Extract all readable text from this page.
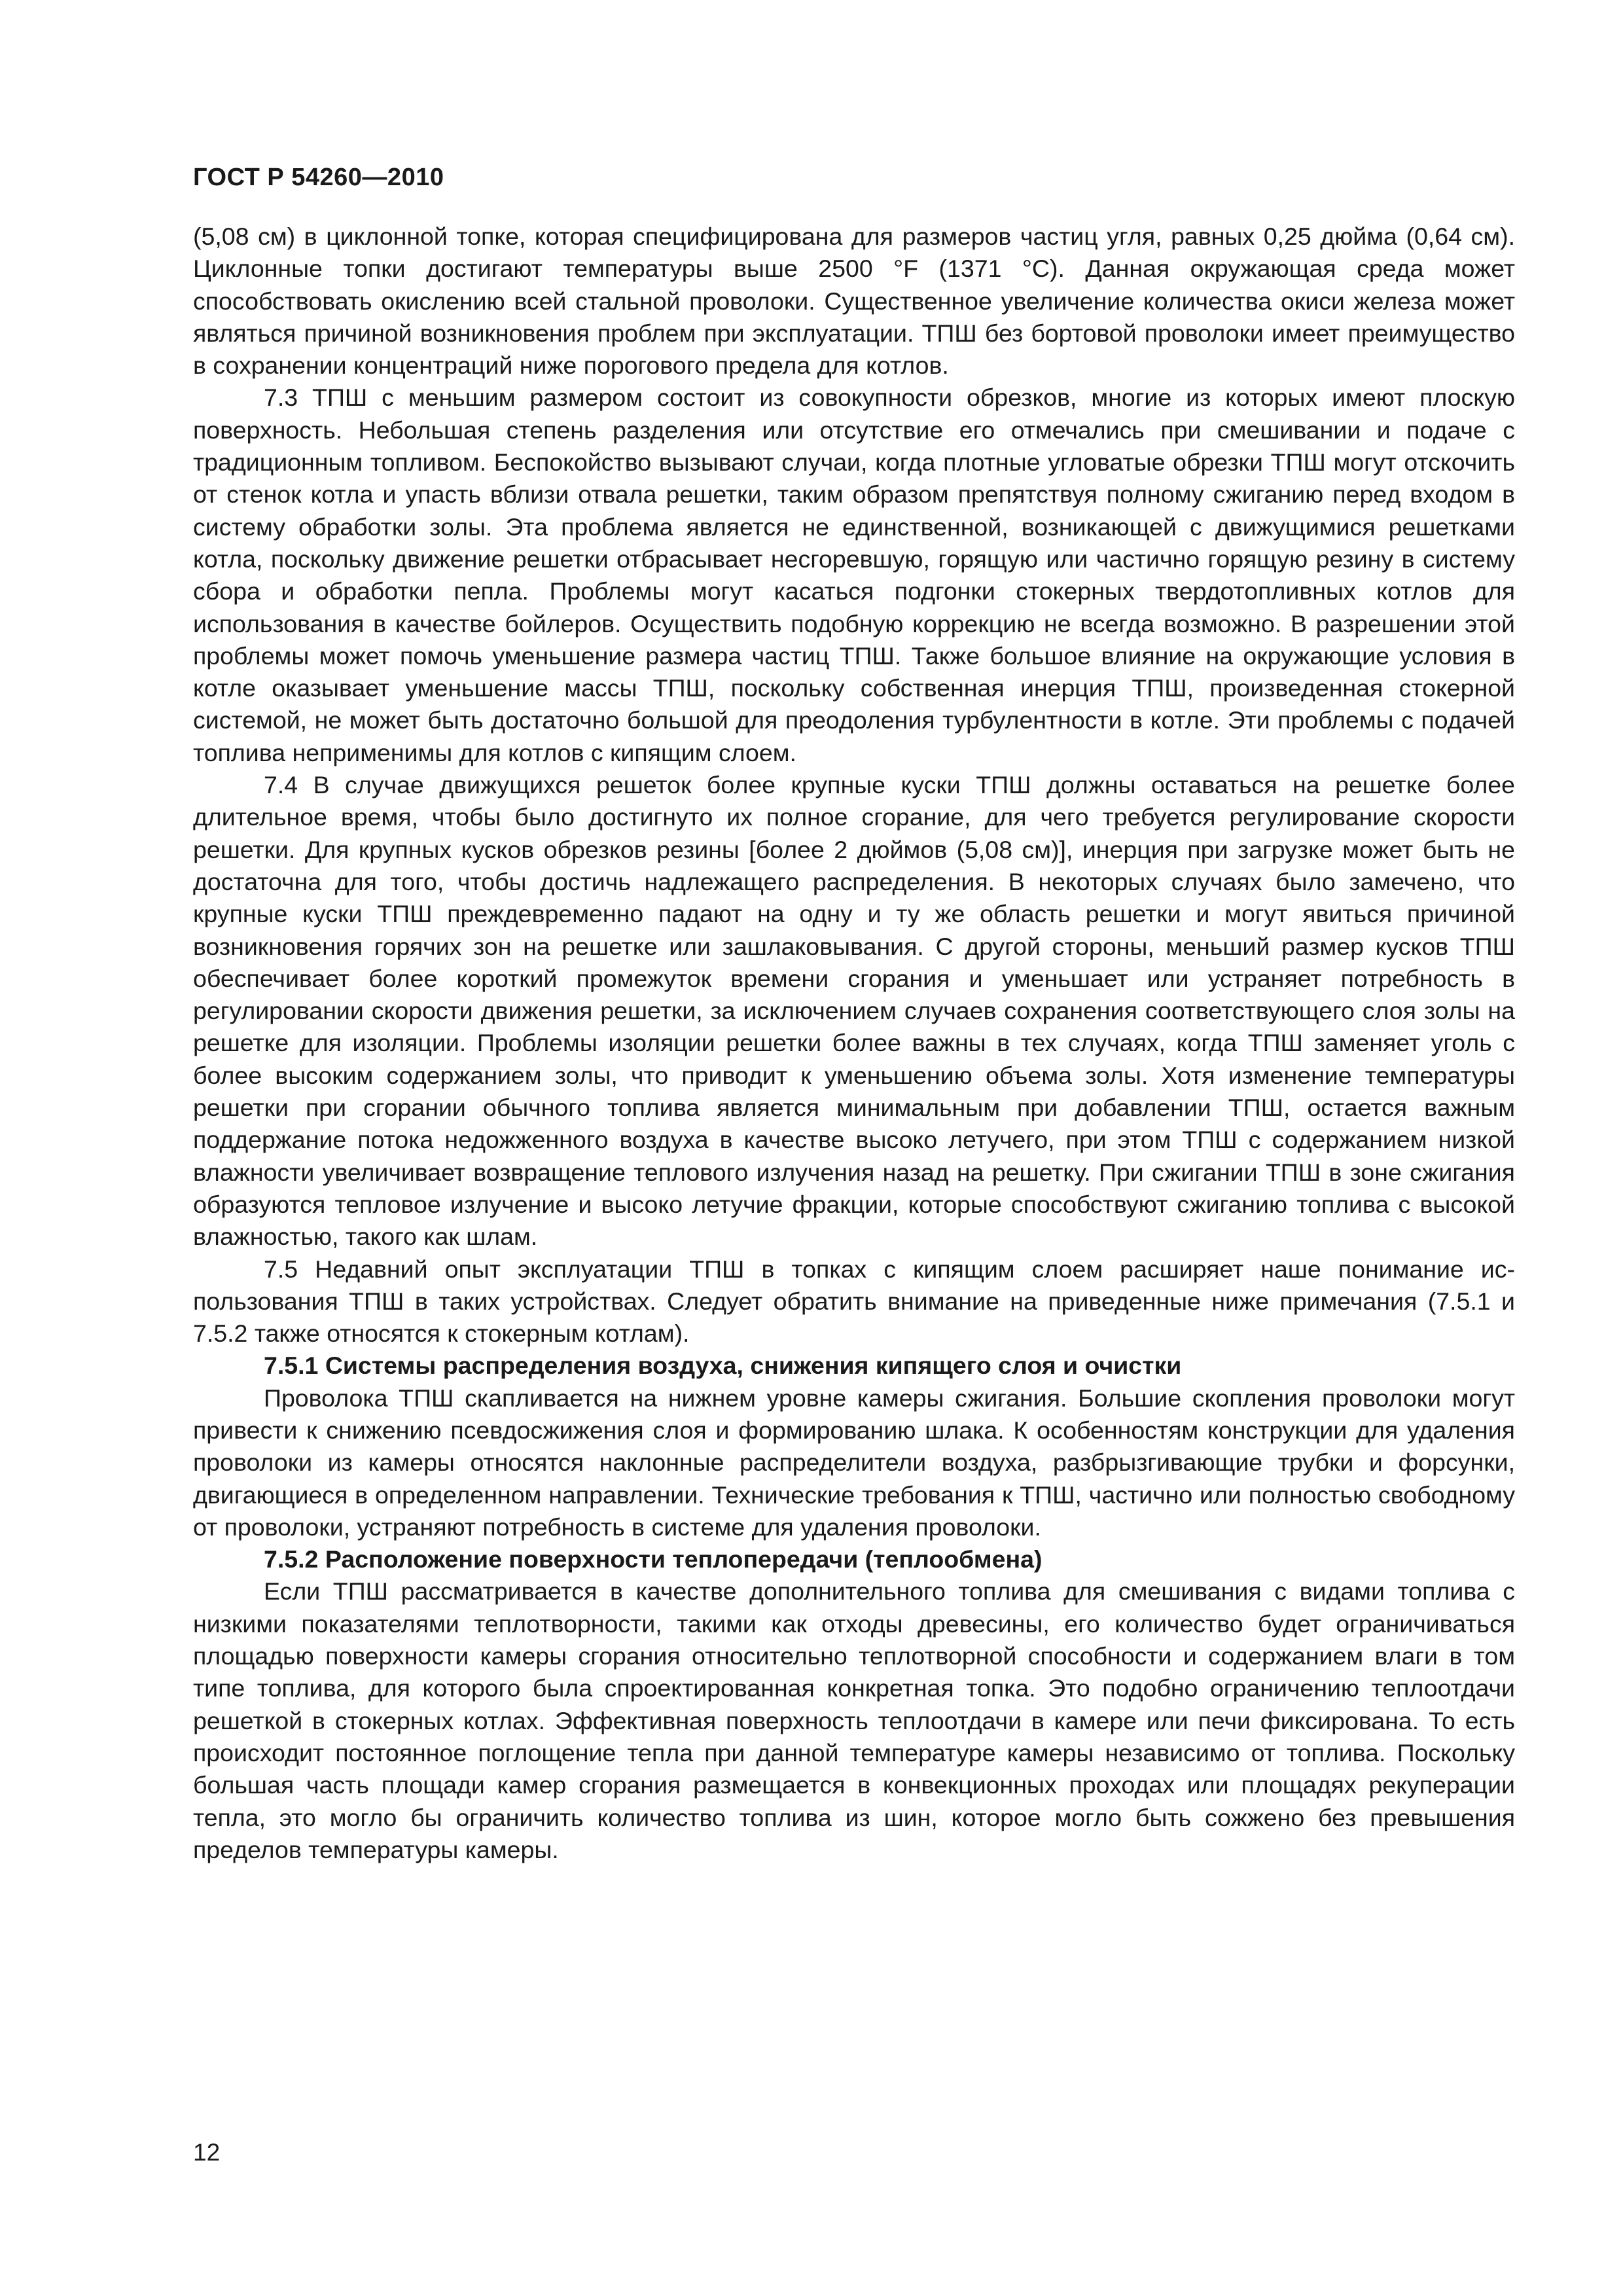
ГОСТ Р 54260—2010

(5,08 см) в циклонной топке, которая специфицирована для размеров частиц угля, равных 0,25 дюйма (0,64 см). Циклонные топки достигают температуры выше 2500 °F (1371 °С). Данная окружающая среда может способствовать окислению всей стальной проволоки. Существенное увеличение количества окиси железа может являться причиной возникновения проблем при эксплуатации. ТПШ без бортовой проволоки имеет преимущество в сохранении концентраций ниже порогового предела для котлов.

7.3 ТПШ с меньшим размером состоит из совокупности обрезков, многие из которых имеют плоскую поверхность. Небольшая степень разделения или отсутствие его отмечались при смешивании и подаче с традиционным топливом. Беспокойство вызывают случаи, когда плотные угловатые обрезки ТПШ могут отскочить от стенок котла и упасть вблизи отвала решетки, таким образом препятствуя полному сжиганию перед входом в систему обработки золы. Эта проблема является не единственной, возникающей с движущимися решетками котла, поскольку движение решетки отбрасывает несгоревшую, горящую или частично горящую резину в систему сбора и обработки пепла. Проблемы могут касаться подгонки стокерных твердотопливных котлов для использования в качестве бойлеров. Осуществить подобную коррекцию не всегда возможно. В разрешении этой проблемы может помочь уменьшение размера частиц ТПШ. Также большое влияние на окружающие условия в котле оказывает уменьшение массы ТПШ, поскольку собственная инерция ТПШ, произведенная стокерной системой, не может быть достаточно большой для преодоления турбулентности в котле. Эти проблемы с подачей топлива неприменимы для котлов с кипящим слоем.

7.4 В случае движущихся решеток более крупные куски ТПШ должны оставаться на решетке более длительное время, чтобы было достигнуто их полное сгорание, для чего требуется регулирование скорости решетки. Для крупных кусков обрезков резины [более 2 дюймов (5,08 см)], инерция при загрузке может быть не достаточна для того, чтобы достичь надлежащего распределения. В некоторых случаях было замечено, что крупные куски ТПШ преждевременно падают на одну и ту же область решетки и могут явиться причиной возникновения горячих зон на решетке или зашлаковывания. С другой стороны, меньший размер кусков ТПШ обеспечивает более короткий промежуток времени сгорания и уменьшает или устраняет потребность в регулировании скорости движения решетки, за исключением случаев сохранения соответствующего слоя золы на решетке для изоляции. Проблемы изоляции решетки более важны в тех случаях, когда ТПШ заменяет уголь с более высоким содержанием золы, что приводит к уменьшению объема золы. Хотя изменение температуры решетки при сгорании обычного топлива является минимальным при добавлении ТПШ, остается важным поддержание потока недожженного воздуха в качестве высоко летучего, при этом ТПШ с содержанием низкой влажности увеличивает возвращение теплового излучения назад на решетку. При сжигании ТПШ в зоне сжигания образуются тепловое излучение и высоко летучие фракции, которые способствуют сжиганию топлива с высокой влажностью, такого как шлам.

7.5 Недавний опыт эксплуатации ТПШ в топках с кипящим слоем расширяет наше понимание использования ТПШ в таких устройствах. Следует обратить внимание на приведенные ниже примечания (7.5.1 и 7.5.2 также относятся к стокерным котлам).

7.5.1 Системы распределения воздуха, снижения кипящего слоя и очистки

Проволока ТПШ скапливается на нижнем уровне камеры сжигания. Большие скопления проволоки могут привести к снижению псевдосжижения слоя и формированию шлака. К особенностям конструкции для удаления проволоки из камеры относятся наклонные распределители воздуха, разбрызгивающие трубки и форсунки, двигающиеся в определенном направлении. Технические требования к ТПШ, частично или полностью свободному от проволоки, устраняют потребность в системе для удаления проволоки.

7.5.2 Расположение поверхности теплопередачи (теплообмена)

Если ТПШ рассматривается в качестве дополнительного топлива для смешивания с видами топлива с низкими показателями теплотворности, такими как отходы древесины, его количество будет ограничиваться площадью поверхности камеры сгорания относительно теплотворной способности и содержанием влаги в том типе топлива, для которого была спроектированная конкретная топка. Это подобно ограничению теплоотдачи решеткой в стокерных котлах. Эффективная поверхность теплоотдачи в камере или печи фиксирована. То есть происходит постоянное поглощение тепла при данной температуре камеры независимо от топлива. Поскольку большая часть площади камер сгорания размещается в конвекционных проходах или площадях рекуперации тепла, это могло бы ограничить количество топлива из шин, которое могло быть сожжено без превышения пределов температуры камеры.

12
